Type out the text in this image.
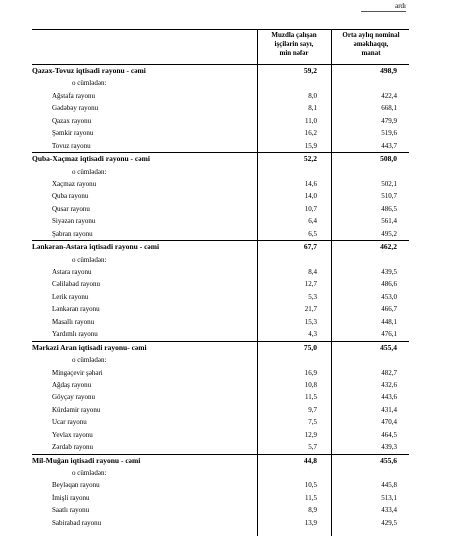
ardı
Muzdla çalışan
işçilərin sayı,
min nəfər
Orta aylıq nominal
əməkhaqqı,
manat
Qazax-Tovuz iqtisadi rayonu - cəmi	59,2	498,9
o cümlədən:
Ağstafa rayonu	8,0	422,4
Gədəbəy rayonu	8,1	668,1
Qazax rayonu	11,0	479,9
Şəmkir rayonu	16,2	519,6
Tovuz rayonu	15,9	443,7
Quba-Xaçmaz iqtisadi rayonu - cəmi	52,2	508,0
o cümlədən:
Xaçmaz rayonu	14,6	502,1
Quba rayonu	14,0	510,7
Qusar rayonu	10,7	486,5
Siyəzən rayonu	6,4	561,4
Şabran rayonu	6,5	495,2
Lənkəran-Astara iqtisadi rayonu - cəmi	67,7	462,2
o cümlədən:
Astara rayonu	8,4	439,5
Cəlilabad rayonu	12,7	486,6
Lerik rayonu	5,3	453,0
Lənkəran rayonu	21,7	466,7
Masallı rayonu	15,3	448,1
Yardımlı rayonu	4,3	476,1
Mərkəzi Aran iqtisadi rayonu- cəmi	75,0	455,4
o cümlədən:
Mingəçevir şəhəri	16,9	482,7
Ağdaş rayonu	10,8	432,6
Göyçay rayonu	11,5	443,6
Kürdəmir rayonu	9,7	431,4
Ucar rayonu	7,5	470,4
Yevlax rayonu	12,9	464,5
Zərdab rayonu	5,7	439,3
Mil-Muğan iqtisadi rayonu - cəmi	44,8	455,6
o cümlədən:
Beyləqan rayonu	10,5	445,8
İmişli rayonu	11,5	513,1
Saatlı rayonu	8,9	433,4
Sabirabad rayonu	13,9	429,5
